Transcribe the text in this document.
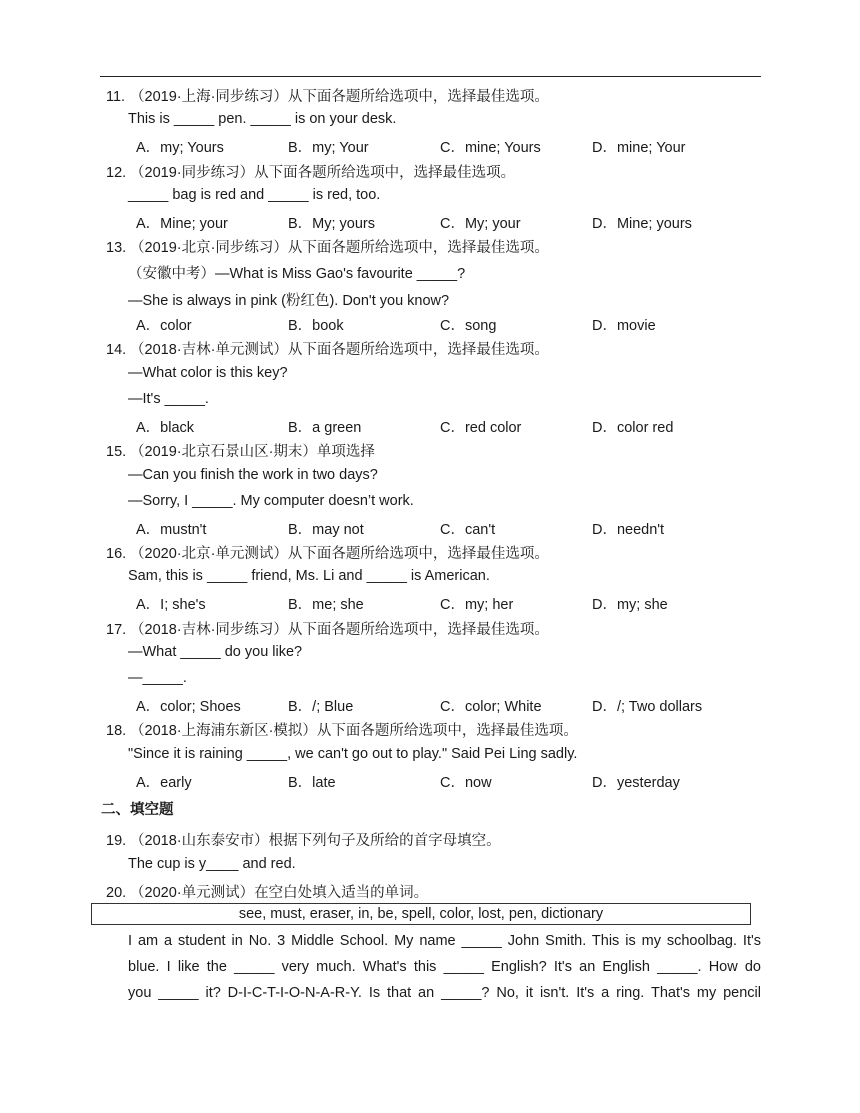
11. （2019·上海·同步练习）从下面各题所给选项中，选择最佳选项。
This is _____ pen. _____ is on your desk.
A．my; Yours	B．my; Your	C．mine; Yours	D．mine; Your
12. （2019·同步练习）从下面各题所给选项中，选择最佳选项。
_____ bag is red and _____ is red, too.
A．Mine; your	B．My; yours	C．My; your	D．Mine; yours
13. （2019·北京·同步练习）从下面各题所给选项中，选择最佳选项。
（安徽中考）—What is Miss Gao's favourite _____?
—She is always in pink (粉红色). Don't you know?
A．color	B．book	C．song	D．movie
14. （2018·吉林·单元测试）从下面各题所给选项中，选择最佳选项。
—What color is this key?
—It's _____.
A．black	B．a green	C．red color	D．color red
15. （2019·北京石景山区·期末）单项选择
—Can you finish the work in two days?
—Sorry, I _____. My computer doesn’t work.
A．mustn't	B．may not	C．can't	D．needn't
16. （2020·北京·单元测试）从下面各题所给选项中，选择最佳选项。
Sam, this is _____ friend, Ms. Li and _____ is American.
A．I; she's	B．me; she	C．my; her	D．my; she
17. （2018·吉林·同步练习）从下面各题所给选项中，选择最佳选项。
—What _____ do you like?
—_____.
A．color; Shoes	B．/; Blue	C．color; White	D．/; Two dollars
18. （2018·上海浦东新区·模拟）从下面各题所给选项中，选择最佳选项。
"Since it is raining _____, we can't go out to play." Said Pei Ling sadly.
A．early	B．late	C．now	D．yesterday
二、填空题
19. （2018·山东泰安市）根据下列句子及所给的首字母填空。
The cup is y____ and red.
20. （2020·单元测试）在空白处填入适当的单词。
see, must, eraser, in, be, spell, color, lost, pen, dictionary
I am a student in No. 3 Middle School. My name _____ John Smith. This is my schoolbag. It's
blue. I like the _____ very much. What's this _____ English? It's an English _____. How do
you _____ it? D-I-C-T-I-O-N-A-R-Y. Is that an _____? No, it isn't. It's a ring. That's my pencil
